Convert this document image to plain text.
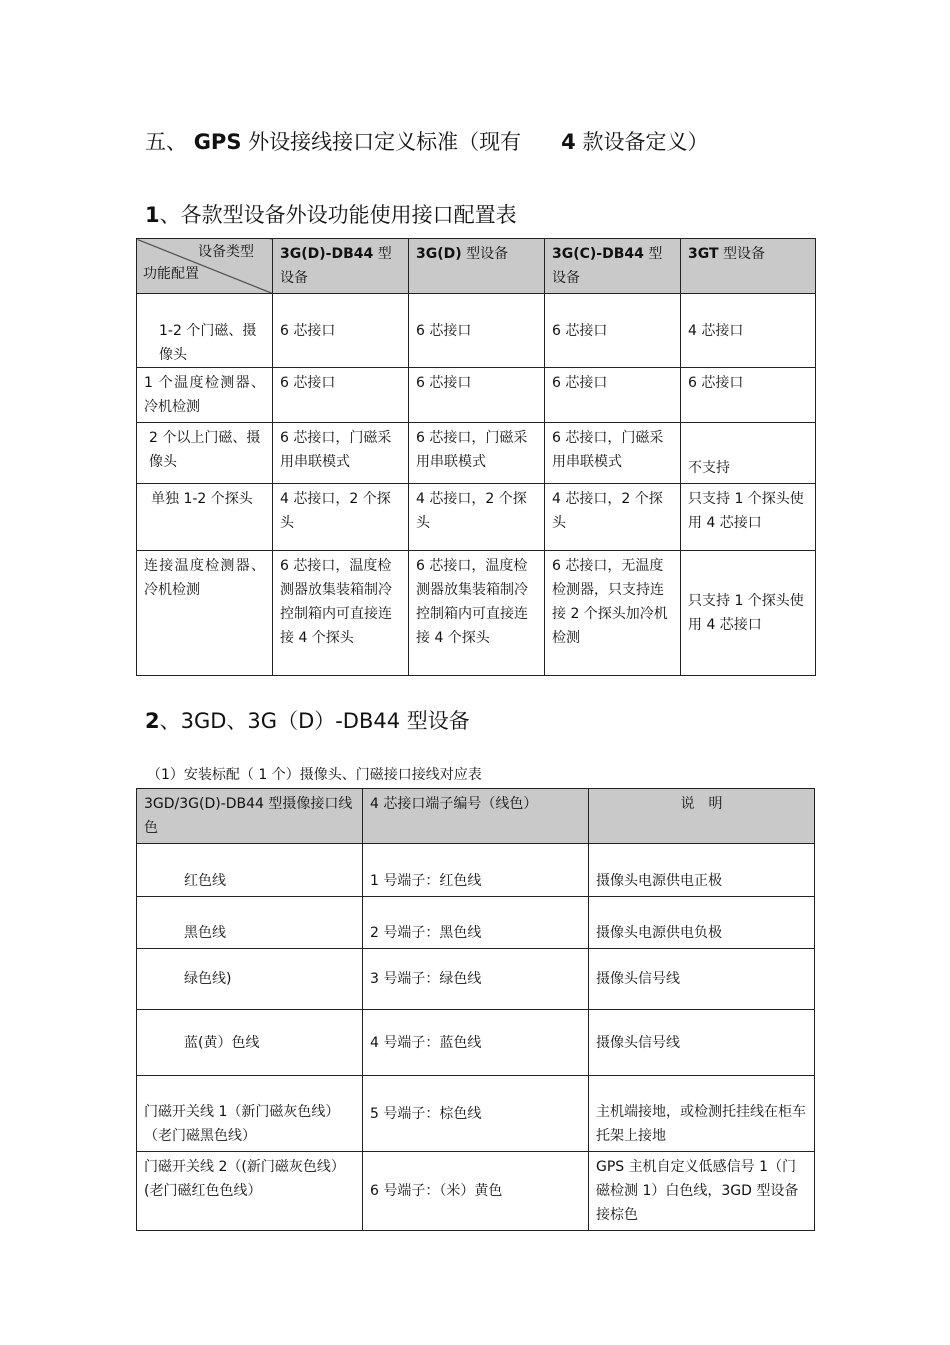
五、 GPS 外设接线接口定义标准（现有 4 款设备定义）
1、各款型设备外设功能使用接口配置表
设备类型
功能配置	3G(D)-DB44 型设备	3G(D) 型设备	3G(C)-DB44 型设备	3GT 型设备
1-2 个门磁、摄像头	6 芯接口	6 芯接口	6 芯接口	4 芯接口
1 个温度检测器、冷机检测	6 芯接口	6 芯接口	6 芯接口	6 芯接口
2 个以上门磁、摄像头	6 芯接口，门磁采用串联模式	6 芯接口，门磁采用串联模式	6 芯接口，门磁采用串联模式	不支持
单独 1-2 个探头	4 芯接口，2 个探头	4 芯接口，2 个探头	4 芯接口，2 个探头	只支持 1 个探头使用 4 芯接口
连接温度检测器、冷机检测	6 芯接口，温度检测器放集装箱制冷控制箱内可直接连接 4 个探头	6 芯接口，温度检测器放集装箱制冷控制箱内可直接连接 4 个探头	6 芯接口，无温度检测器，只支持连接 2 个探头加冷机检测	只支持 1 个探头使用 4 芯接口
2、3GD、3G（D）-DB44 型设备
（1）安装标配（ 1 个）摄像头、门磁接口接线对应表
3GD/3G(D)-DB44 型摄像接口线色	4 芯接口端子编号（线色）	说　明
红色线	1 号端子：红色线	摄像头电源供电正极
黑色线	2 号端子：黑色线	摄像头电源供电负极
绿色线)	3 号端子：绿色线	摄像头信号线
蓝(黄）色线	4 号端子：蓝色线	摄像头信号线
门磁开关线 1（新门磁灰色线）（老门磁黑色线）	5 号端子：棕色线	主机端接地，或检测托挂线在柜车托架上接地
门磁开关线 2（(新门磁灰色线）(老门磁红色色线）	6 号端子：（米）黄色	GPS 主机自定义低感信号 1（门磁检测 1）白色线，3GD 型设备接棕色
